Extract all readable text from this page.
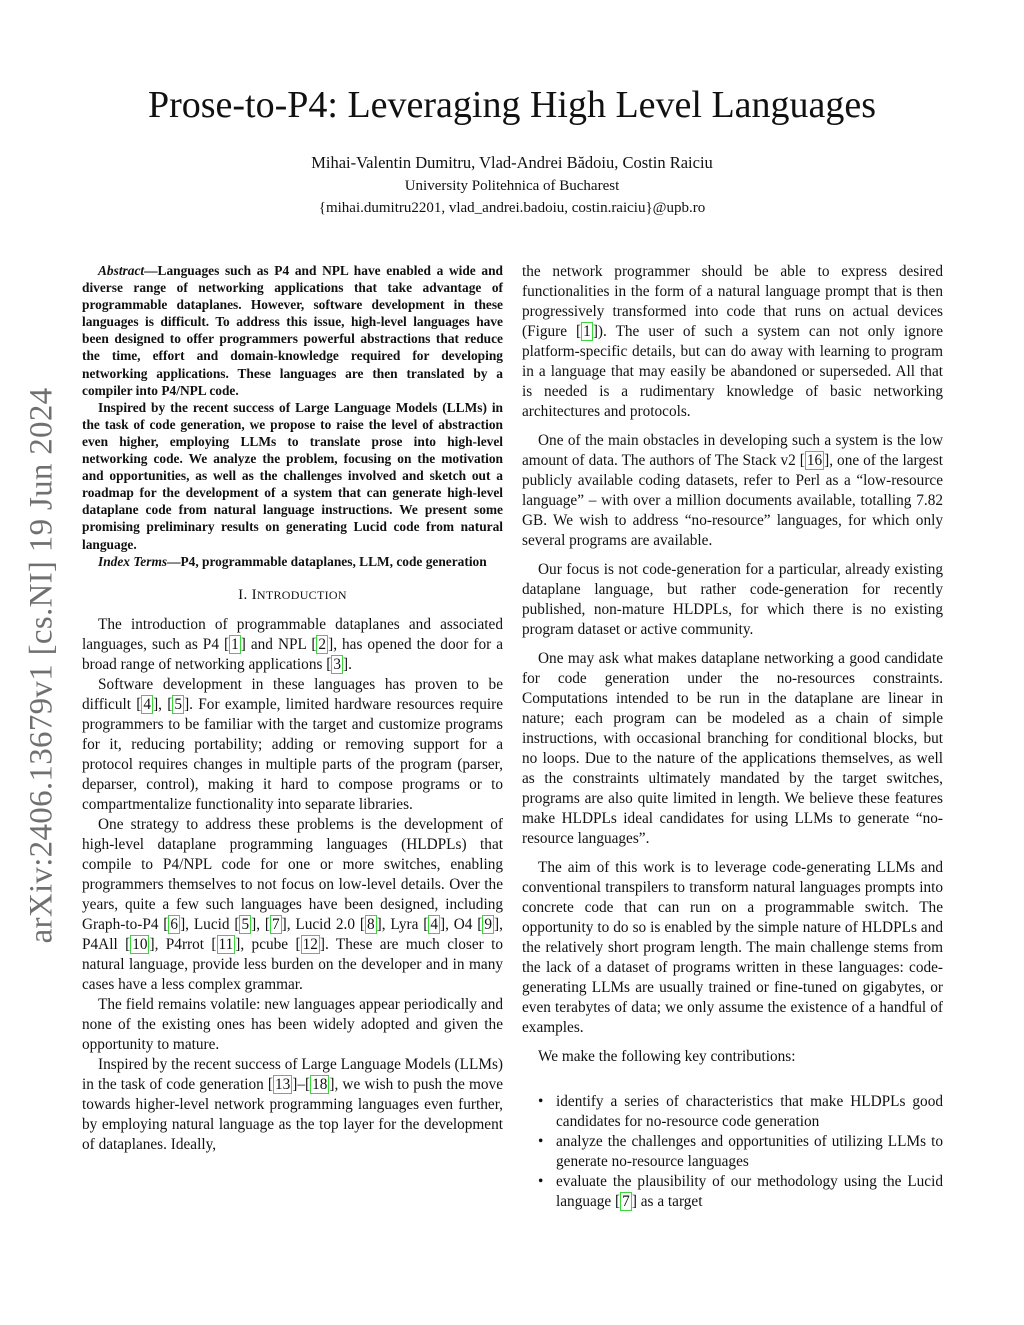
arXiv:2406.13679v1 [cs.NI] 19 Jun 2024
Prose-to-P4: Leveraging High Level Languages
Mihai-Valentin Dumitru, Vlad-Andrei Bădoiu, Costin Raiciu
University Politehnica of Bucharest
{mihai.dumitru2201, vlad_andrei.badoiu, costin.raiciu}@upb.ro

Abstract—Languages such as P4 and NPL have enabled a wide and diverse range of networking applications that take advantage of programmable dataplanes. However, software development in these languages is difficult. To address this issue, high-level languages have been designed to offer programmers powerful abstractions that reduce the time, effort and domain-knowledge required for developing networking applications. These languages are then translated by a compiler into P4/NPL code.

Inspired by the recent success of Large Language Models (LLMs) in the task of code generation, we propose to raise the level of abstraction even higher, employing LLMs to translate prose into high-level networking code. We analyze the problem, focusing on the motivation and opportunities, as well as the challenges involved and sketch out a roadmap for the development of a system that can generate high-level dataplane code from natural language instructions. We present some promising preliminary results on generating Lucid code from natural language.

Index Terms—P4, programmable dataplanes, LLM, code generation

I. INTRODUCTION

The introduction of programmable dataplanes and associated languages, such as P4 [ 1 ] and NPL [ 2 ], has opened the door for a broad range of networking applications [ 3 ].

Software development in these languages has proven to be difficult [ 4 ], [ 5 ]. For example, limited hardware resources require programmers to be familiar with the target and customize programs for it, reducing portability; adding or removing support for a protocol requires changes in multiple parts of the program (parser, deparser, control), making it hard to compose programs or to compartmentalize functionality into separate libraries.

One strategy to address these problems is the development of high-level dataplane programming languages (HLDPLs) that compile to P4/NPL code for one or more switches, enabling programmers themselves to not focus on low-level details. Over the years, quite a few such languages have been designed, including Graph-to-P4 [ 6 ], Lucid [ 5 ], [ 7 ], Lucid 2.0 [ 8 ], Lyra [ 4 ], O4 [ 9 ], P4All [ 10 ], P4rrot [ 11 ], pcube [ 12 ]. These are much closer to natural language, provide less burden on the developer and in many cases have a less complex grammar.

The field remains volatile: new languages appear periodically and none of the existing ones has been widely adopted and given the opportunity to mature.

Inspired by the recent success of Large Language Models (LLMs) in the task of code generation [ 13 ]–[ 18 ], we wish to push the move towards higher-level network programming languages even further, by employing natural language as the top layer for the development of dataplanes. Ideally,

the network programmer should be able to express desired functionalities in the form of a natural language prompt that is then progressively transformed into code that runs on actual devices (Figure [ 1 ]). The user of such a system can not only ignore platform-specific details, but can do away with learning to program in a language that may easily be abandoned or superseded. All that is needed is a rudimentary knowledge of basic networking architectures and protocols.

One of the main obstacles in developing such a system is the low amount of data. The authors of The Stack v2 [ 16 ], one of the largest publicly available coding datasets, refer to Perl as a “low-resource language” – with over a million documents available, totalling 7.82 GB. We wish to address “no-resource” languages, for which only several programs are available.

Our focus is not code-generation for a particular, already existing dataplane language, but rather code-generation for recently published, non-mature HLDPLs, for which there is no existing program dataset or active community.

One may ask what makes dataplane networking a good candidate for code generation under the no-resources constraints. Computations intended to be run in the dataplane are linear in nature; each program can be modeled as a chain of simple instructions, with occasional branching for conditional blocks, but no loops. Due to the nature of the applications themselves, as well as the constraints ultimately mandated by the target switches, programs are also quite limited in length. We believe these features make HLDPLs ideal candidates for using LLMs to generate “no-resource languages”.

The aim of this work is to leverage code-generating LLMs and conventional transpilers to transform natural languages prompts into concrete code that can run on a programmable switch. The opportunity to do so is enabled by the simple nature of HLDPLs and the relatively short program length. The main challenge stems from the lack of a dataset of programs written in these languages: code-generating LLMs are usually trained or fine-tuned on gigabytes, or even terabytes of data; we only assume the existence of a handful of examples.

We make the following key contributions:

• identify a series of characteristics that make HLDPLs good candidates for no-resource code generation
• analyze the challenges and opportunities of utilizing LLMs to generate no-resource languages
• evaluate the plausibility of our methodology using the Lucid language [ 7 ] as a target
